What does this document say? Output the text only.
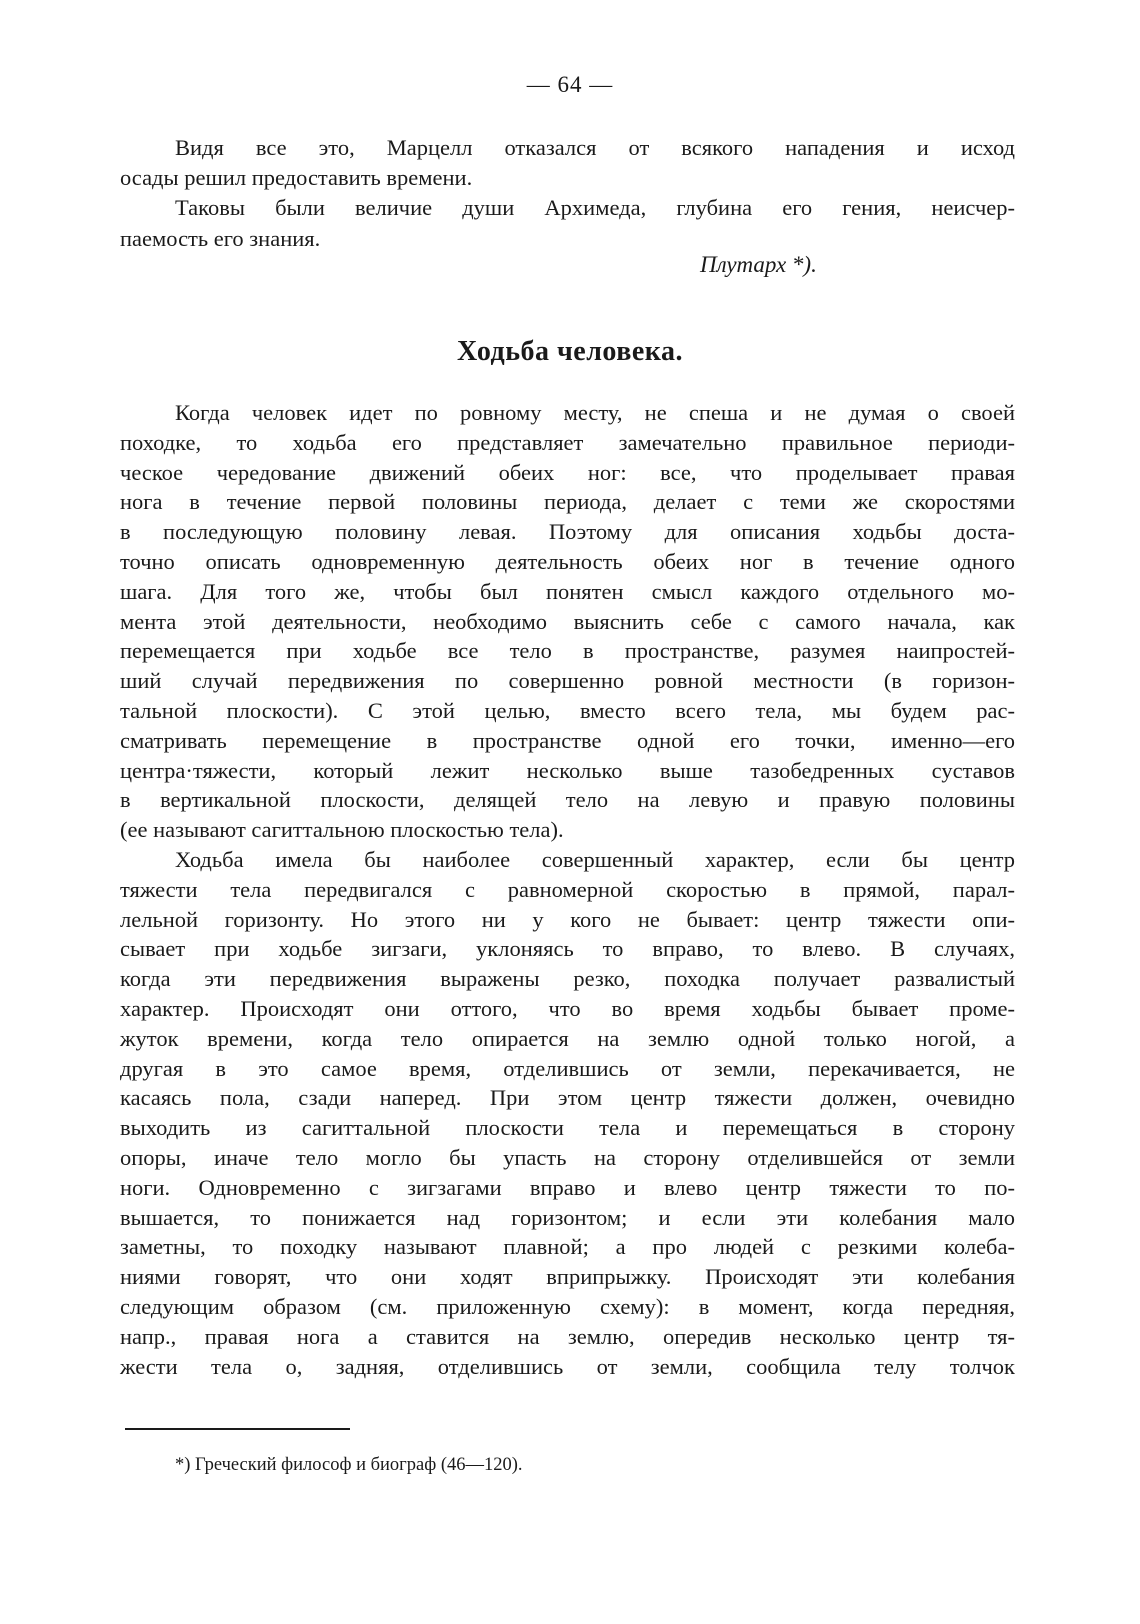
— 64 —
Видя все это, Марцелл отказался от всякого нападения и исход
осады решил предоставить времени.
Таковы были величие души Архимеда, глубина его гения, неисчер-
паемость его знания.
Плутарх *).
Ходьба человека.
Когда человек идет по ровному месту, не спеша и не думая о своей
походке, то ходьба его представляет замечательно правильное периоди-
ческое чередование движений обеих ног: все, что проделывает правая
нога в течение первой половины периода, делает с теми же скоростями
в последующую половину левая. Поэтому для описания ходьбы доста-
точно описать одновременную деятельность обеих ног в течение одного
шага. Для того же, чтобы был понятен смысл каждого отдельного мо-
мента этой деятельности, необходимо выяснить себе с самого начала, как
перемещается при ходьбе все тело в пространстве, разумея наипростей-
ший случай передвижения по совершенно ровной местности (в горизон-
тальной плоскости). С этой целью, вместо всего тела, мы будем рас-
сматривать перемещение в пространстве одной его точки, именно—его
центра·тяжести, который лежит несколько выше тазобедренных суставов
в вертикальной плоскости, делящей тело на левую и правую половины
(ее называют сагиттальною плоскостью тела).
Ходьба имела бы наиболее совершенный характер, если бы центр
тяжести тела передвигался с равномерной скоростью в прямой, парал-
лельной горизонту. Но этого ни у кого не бывает: центр тяжести опи-
сывает при ходьбе зигзаги, уклоняясь то вправо, то влево. В случаях,
когда эти передвижения выражены резко, походка получает развалистый
характер. Происходят они оттого, что во время ходьбы бывает проме-
жуток времени, когда тело опирается на землю одной только ногой, а
другая в это самое время, отделившись от земли, перекачивается, не
касаясь пола, сзади наперед. При этом центр тяжести должен, очевидно
выходить из сагиттальной плоскости тела и перемещаться в сторону
опоры, иначе тело могло бы упасть на сторону отделившейся от земли
ноги. Одновременно с зигзагами вправо и влево центр тяжести то по-
вышается, то понижается над горизонтом; и если эти колебания мало
заметны, то походку называют плавной; а про людей с резкими колеба-
ниями говорят, что они ходят вприпрыжку. Происходят эти колебания
следующим образом (см. приложенную схему): в момент, когда передняя,
напр., правая нога a ставится на землю, опередив несколько центр тя-
жести тела o, задняя, отделившись от земли, сообщила телу толчок
*) Греческий философ и биограф (46—120).
